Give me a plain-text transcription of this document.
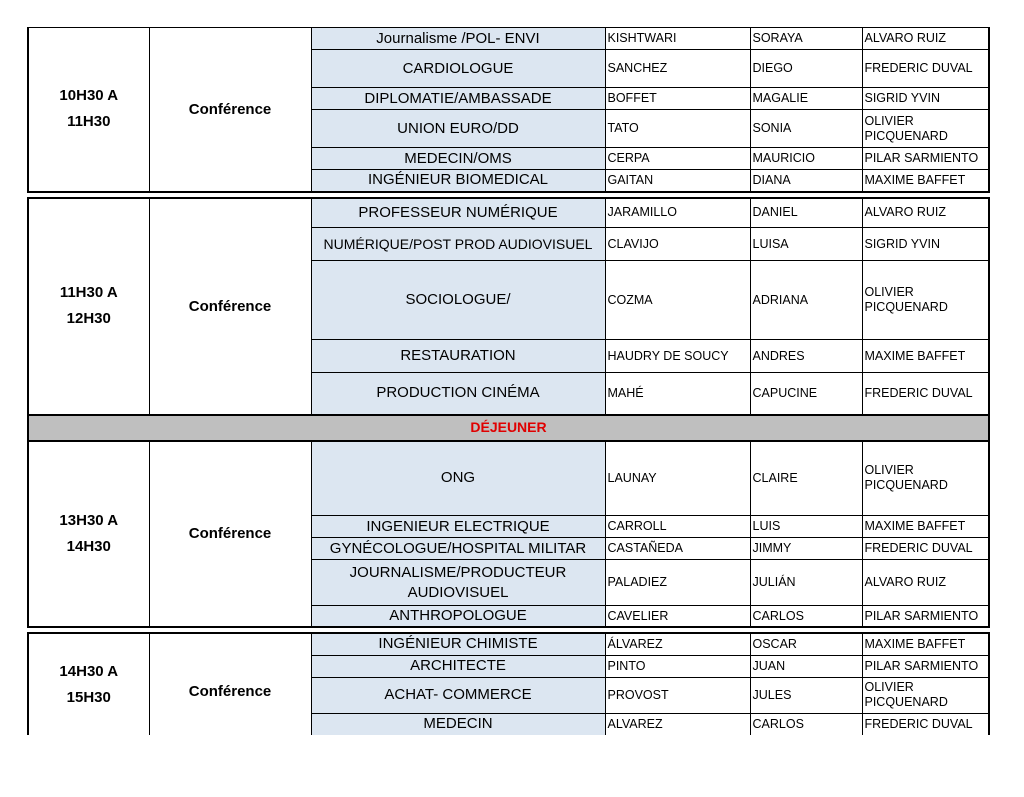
10H30 A
11H30	Conférence	Journalisme /POL- ENVI	KISHTWARI	SORAYA	ALVARO RUIZ
		CARDIOLOGUE	SANCHEZ	DIEGO	FREDERIC DUVAL
		DIPLOMATIE/AMBASSADE	BOFFET	MAGALIE	SIGRID YVIN
		UNION EURO/DD	TATO	SONIA	OLIVIER PICQUENARD
		MEDECIN/OMS	CERPA	MAURICIO	PILAR SARMIENTO
		INGÉNIEUR BIOMEDICAL	GAITAN	DIANA	MAXIME BAFFET

11H30 A
12H30	Conférence	PROFESSEUR NUMÉRIQUE	JARAMILLO	DANIEL	ALVARO RUIZ
		NUMÉRIQUE/POST PROD AUDIOVISUEL	CLAVIJO	LUISA	SIGRID YVIN
		SOCIOLOGUE/	COZMA	ADRIANA	OLIVIER PICQUENARD
		RESTAURATION	HAUDRY DE SOUCY	ANDRES	MAXIME BAFFET
		PRODUCTION CINÉMA	MAHÉ	CAPUCINE	FREDERIC DUVAL
DÉJEUNER					

13H30 A
14H30	Conférence	ONG	LAUNAY	CLAIRE	OLIVIER PICQUENARD
		INGENIEUR ELECTRIQUE	CARROLL	LUIS	MAXIME BAFFET
		GYNÉCOLOGUE/HOSPITAL MILITAR	CASTAÑEDA	JIMMY	FREDERIC DUVAL
		JOURNALISME/PRODUCTEUR AUDIOVISUEL	PALADIEZ	JULIÁN	ALVARO RUIZ
		ANTHROPOLOGUE	CAVELIER	CARLOS	PILAR SARMIENTO

14H30 A
15H30	Conférence	INGÉNIEUR CHIMISTE	ÁLVAREZ	OSCAR	MAXIME BAFFET
		ARCHITECTE	PINTO	JUAN	PILAR SARMIENTO
		ACHAT- COMMERCE	PROVOST	JULES	OLIVIER PICQUENARD
		MEDECIN	ALVAREZ	CARLOS	FREDERIC DUVAL
